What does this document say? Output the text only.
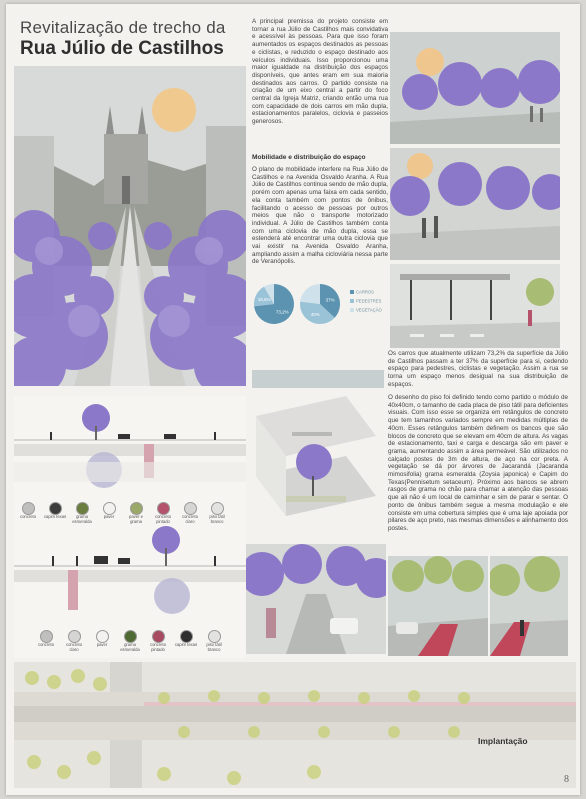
Revitalização de trecho da
Rua Júlio de Castilhos
A principal premissa do projeto consiste em tornar a rua Júlio de Castilhos mais convidativa e acessível às pessoas. Para que isso foram aumentados os espaços destinados as pessoas e ciclistas, e reduzido o espaço destinado aos veículos individuais. Isso proporcionou uma maior igualdade na distribuição dos espaços disponíveis, que antes eram em sua maioria destinados aos carros. O partido consiste na criação de um eixo central a partir do foco central da Igreja Matriz, criando então uma rua com capacidade de dois carros em mão dupla, estacionamentos paralelos, ciclovia e passeios generosos.
Mobilidade e distribuição do espaço
O plano de mobilidade interfere na Rua Júlio de Castilhos e na Avenida Osvaldo Aranha. A Rua Júlio de Castilhos continua sendo de mão dupla, porém com apenas uma faixa em cada sentido, ela conta também com pontos de ônibus, facilitando o acesso de pessoas por outros meios que não o transporte motorizado individual. A Júlio de Castilhos também conta com uma ciclovia de mão dupla, essa se estenderá até encontrar uma outra ciclovia que vai existir na Avenida Osvaldo Aranha, ampliando assim a malha cicloviária nessa parte de Veranópolis.
73,2%
18,5%	37%
40%
CARROS
PEDESTRES
VEGETAÇÃO
Os carros que atualmente utilizam 73,2% da superfície da Júlio de Castilhos passam a ter 37% da superfície para si, cedendo espaço para pedestres, ciclistas e vegetação. Assim a rua se torna um espaço menos desigual na sua distribuição de espaços.
O desenho do piso foi definido tendo como partido o módulo de 40x40cm, o tamanho de cada placa de piso tátil para deficientes visuais. Com isso esse se organiza em retângulos de concreto que tem tamanhos variados sempre em medidas múltiplas de 40cm. Esses retângulos também definem os bancos que são blocos de concreto que se elevam em 40cm de altura. As vagas de estacionamento, taxi e carga e descarga são em paver e grama, aumentando assim a área permeável. São utilizados no calçado postes de 3m de altura, de aço na cor preta. A vegetação se dá por árvores de Jacarandá (Jacaranda mimosifolia) grama esmeralda (Zoysia japonica) e Capim do Texas(Pennisetum setaceum). Próximo aos bancos se abrem rasgos de grama no chão para chamar a atenção das pessoas que ali não é um local de caminhar e sim de parar e sentar. O ponto de ônibus também segue a mesma modulação e ele consiste em uma cobertura simples que é uma laje apoiada por pilares de aço preto, nas mesmas dimensões e alinhamento dos postes.
concreto	capim texas	grama esmeralda
paver	paver e grama
concreto pintado
concreto claro
piso tátil branco
concreto	concreto claro
paver	grama esmeralda
concreto pintado
capim texas	piso tátil branco
Implantação
8
